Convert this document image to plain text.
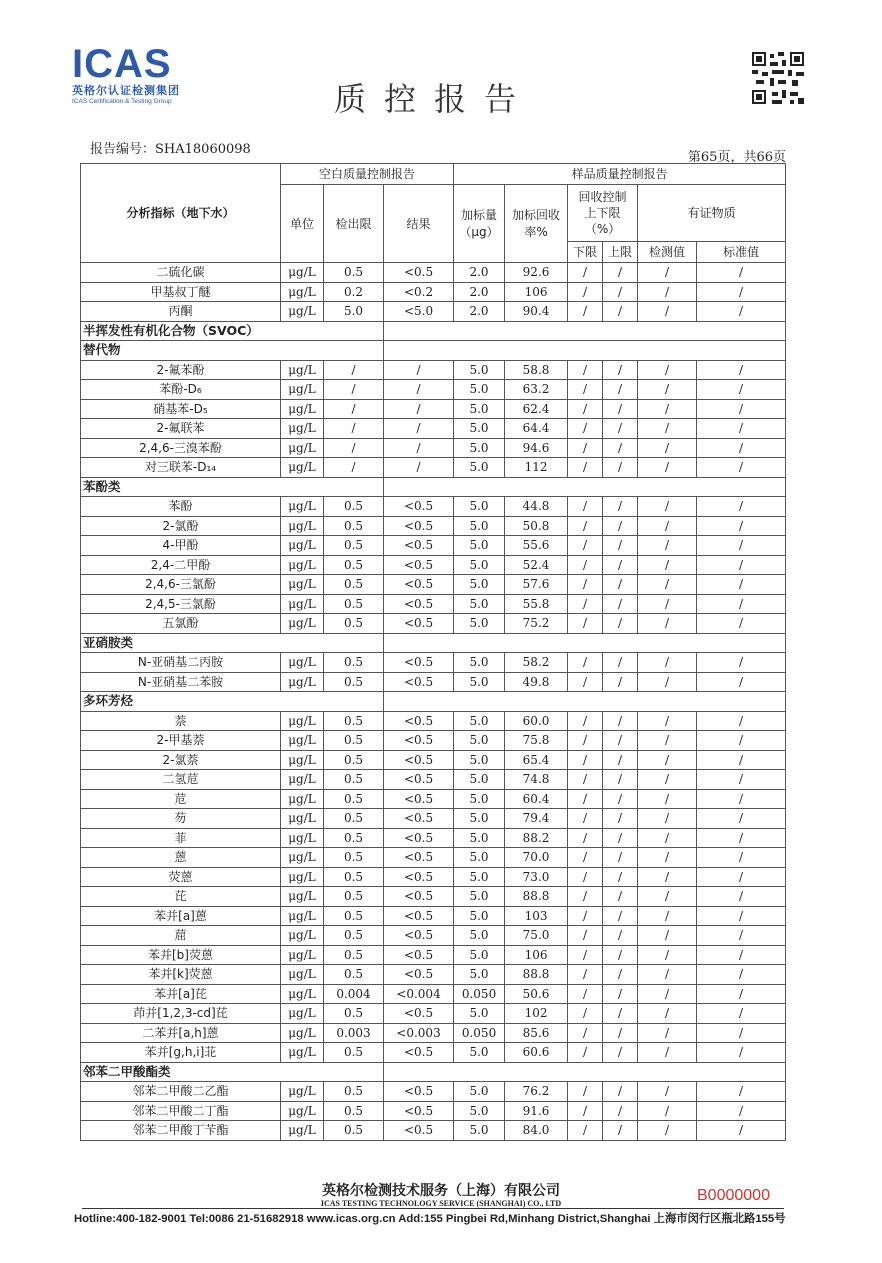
ICAS
英格尔认证检测集团
ICAS Certification & Testing Group	质控报告
报告编号：SHA18060098
第65页，共66页
分析指标（地下水）	空白质量控制报告			样品质量控制报告					
	单位	检出限	结果	加标量（μg）	加标回收率%	回收控制上下限（%）		有证物质	
						下限	上限	检测值	标准值
二硫化碳	μg/L	0.5	<0.5	2.0	92.6	/	/	/	/
甲基叔丁醚	μg/L	0.2	<0.2	2.0	106	/	/	/	/
丙酮	μg/L	5.0	<5.0	2.0	90.4	/	/	/	/
半挥发性有机化合物（SVOC）									
替代物									
2-氟苯酚	μg/L	/	/	5.0	58.8	/	/	/	/
苯酚-D₆	μg/L	/	/	5.0	63.2	/	/	/	/
硝基苯-D₅	μg/L	/	/	5.0	62.4	/	/	/	/
2-氟联苯	μg/L	/	/	5.0	64.4	/	/	/	/
2,4,6-三溴苯酚	μg/L	/	/	5.0	94.6	/	/	/	/
对三联苯-D₁₄	μg/L	/	/	5.0	112	/	/	/	/
苯酚类									
苯酚	μg/L	0.5	<0.5	5.0	44.8	/	/	/	/
2-氯酚	μg/L	0.5	<0.5	5.0	50.8	/	/	/	/
4-甲酚	μg/L	0.5	<0.5	5.0	55.6	/	/	/	/
2,4-二甲酚	μg/L	0.5	<0.5	5.0	52.4	/	/	/	/
2,4,6-三氯酚	μg/L	0.5	<0.5	5.0	57.6	/	/	/	/
2,4,5-三氯酚	μg/L	0.5	<0.5	5.0	55.8	/	/	/	/
五氯酚	μg/L	0.5	<0.5	5.0	75.2	/	/	/	/
亚硝胺类									
N-亚硝基二丙胺	μg/L	0.5	<0.5	5.0	58.2	/	/	/	/
N-亚硝基二苯胺	μg/L	0.5	<0.5	5.0	49.8	/	/	/	/
多环芳烃									
萘	μg/L	0.5	<0.5	5.0	60.0	/	/	/	/
2-甲基萘	μg/L	0.5	<0.5	5.0	75.8	/	/	/	/
2-氯萘	μg/L	0.5	<0.5	5.0	65.4	/	/	/	/
二氢苊	μg/L	0.5	<0.5	5.0	74.8	/	/	/	/
苊	μg/L	0.5	<0.5	5.0	60.4	/	/	/	/
芴	μg/L	0.5	<0.5	5.0	79.4	/	/	/	/
菲	μg/L	0.5	<0.5	5.0	88.2	/	/	/	/
蒽	μg/L	0.5	<0.5	5.0	70.0	/	/	/	/
荧蒽	μg/L	0.5	<0.5	5.0	73.0	/	/	/	/
芘	μg/L	0.5	<0.5	5.0	88.8	/	/	/	/
苯并[a]蒽	μg/L	0.5	<0.5	5.0	103	/	/	/	/
䓛	μg/L	0.5	<0.5	5.0	75.0	/	/	/	/
苯并[b]荧蒽	μg/L	0.5	<0.5	5.0	106	/	/	/	/
苯并[k]荧蒽	μg/L	0.5	<0.5	5.0	88.8	/	/	/	/
苯并[a]芘	μg/L	0.004	<0.004	0.050	50.6	/	/	/	/
茚并[1,2,3-cd]芘	μg/L	0.5	<0.5	5.0	102	/	/	/	/
二苯并[a,h]蒽	μg/L	0.003	<0.003	0.050	85.6	/	/	/	/
苯并[g,h,i]苝	μg/L	0.5	<0.5	5.0	60.6	/	/	/	/
邻苯二甲酸酯类									
邻苯二甲酸二乙酯	μg/L	0.5	<0.5	5.0	76.2	/	/	/	/
邻苯二甲酸二丁酯	μg/L	0.5	<0.5	5.0	91.6	/	/	/	/
邻苯二甲酸丁苄酯	μg/L	0.5	<0.5	5.0	84.0	/	/	/	/
英格尔检测技术服务（上海）有限公司
ICAS TESTING TECHNOLOGY SERVICE (SHANGHAI) CO., LTD	B0000000
Hotline:400-182-9001 Tel:0086 21-51682918 www.icas.org.cn Add:155 Pingbei Rd,Minhang District,Shanghai 上海市闵行区瓶北路155号
